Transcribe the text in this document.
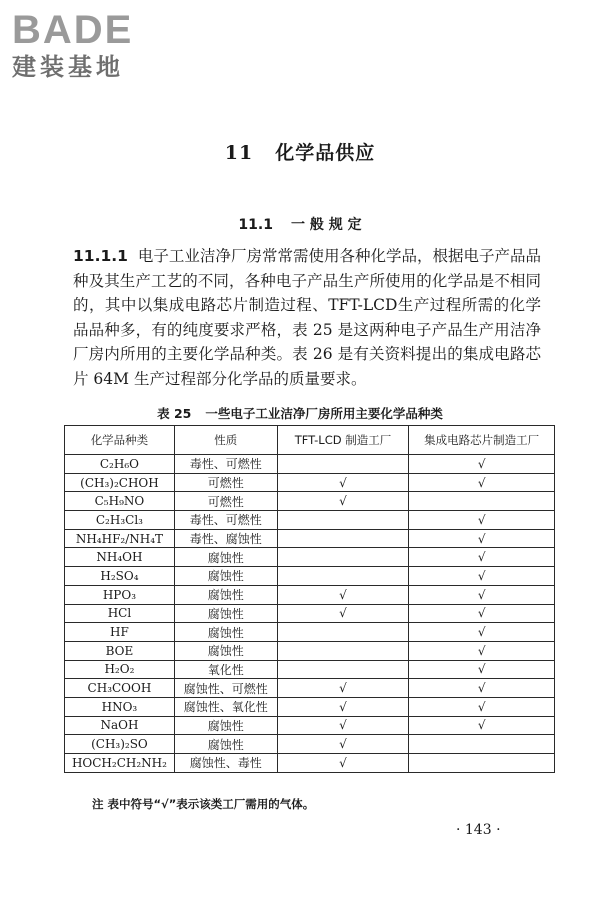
BADE
建装基地
11 化学品供应
11.1 一 般 规 定
11.1.1 电子工业洁净厂房常常需使用各种化学品，根据电子产品品种及其生产工艺的不同，各种电子产品生产所使用的化学品是不相同的，其中以集成电路芯片制造过程、TFT-LCD生产过程所需的化学品品种多，有的纯度要求严格，表 25 是这两种电子产品生产用洁净厂房内所用的主要化学品种类。表 26 是有关资料提出的集成电路芯片 64M 生产过程部分化学品的质量要求。
表 25 一些电子工业洁净厂房所用主要化学品种类
化学品种类	性质	TFT-LCD 制造工厂	集成电路芯片制造工厂
C₂H₆O	毒性、可燃性		√
(CH₃)₂CHOH	可燃性	√	√
C₅H₉NO	可燃性	√	
C₂H₃Cl₃	毒性、可燃性		√
NH₄HF₂/NH₄T	毒性、腐蚀性		√
NH₄OH	腐蚀性		√
H₂SO₄	腐蚀性		√
HPO₃	腐蚀性	√	√
HCl	腐蚀性	√	√
HF	腐蚀性		√
BOE	腐蚀性		√
H₂O₂	氧化性		√
CH₃COOH	腐蚀性、可燃性	√	√
HNO₃	腐蚀性、氧化性	√	√
NaOH	腐蚀性	√	√
(CH₃)₂SO	腐蚀性	√	
HOCH₂CH₂NH₂	腐蚀性、毒性	√	
注 表中符号“√”表示该类工厂需用的气体。
· 143 ·
